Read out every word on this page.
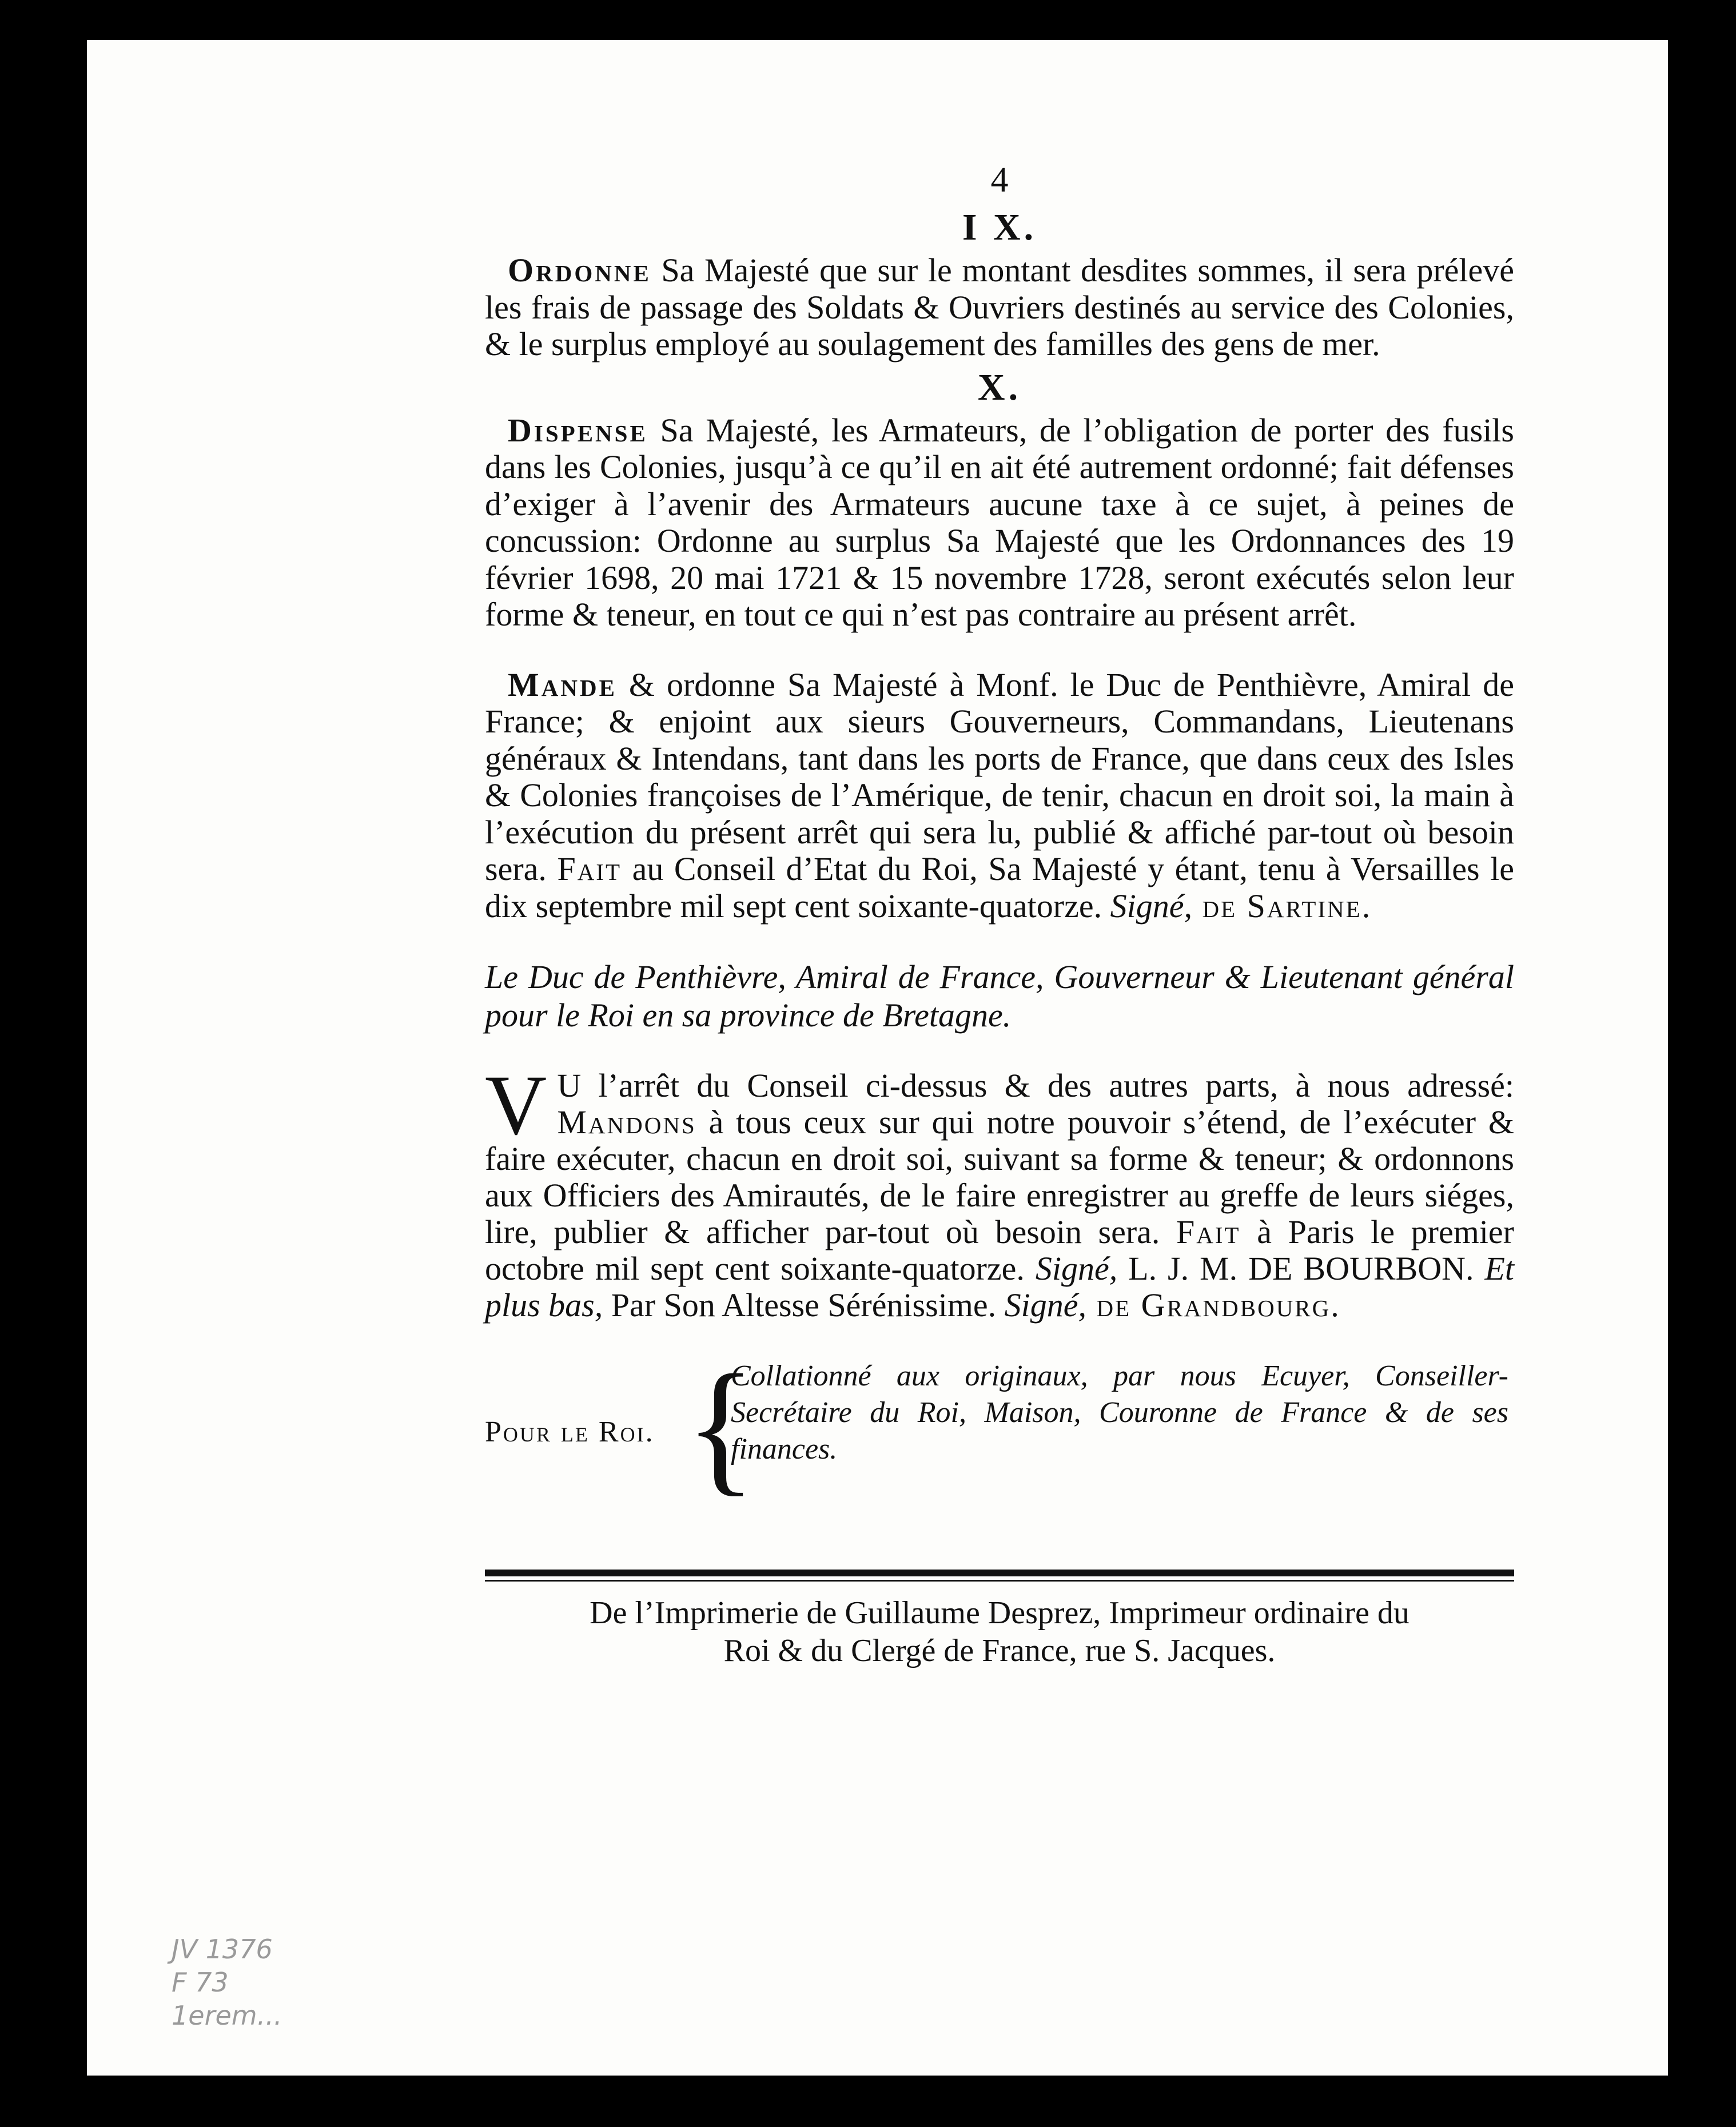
4

I X.

Ordonne Sa Majesté que sur le montant desdites sommes, il sera prélevé les frais de passage des Soldats & Ouvriers destinés au service des Colonies, & le surplus employé au soulagement des familles des gens de mer.

X.

Dispense Sa Majesté, les Armateurs, de l’obligation de porter des fusils dans les Colonies, jusqu’à ce qu’il en ait été autrement ordonné; fait défenses d’exiger à l’avenir des Armateurs aucune taxe à ce sujet, à peines de concussion: Ordonne au surplus Sa Majesté que les Ordonnances des 19 février 1698, 20 mai 1721 & 15 novembre 1728, seront exécutés selon leur forme & teneur, en tout ce qui n’est pas contraire au présent arrêt.

Mande & ordonne Sa Majesté à Monf. le Duc de Penthièvre, Amiral de France; & enjoint aux sieurs Gouverneurs, Commandans, Lieutenans généraux & Intendans, tant dans les ports de France, que dans ceux des Isles & Colonies françoises de l’Amérique, de tenir, chacun en droit soi, la main à l’exécution du présent arrêt qui sera lu, publié & affiché par-tout où besoin sera. Fait au Conseil d’Etat du Roi, Sa Majesté y étant, tenu à Versailles le dix septembre mil sept cent soixante-quatorze. Signé, de Sartine.

Le Duc de Penthièvre, Amiral de France, Gouverneur & Lieutenant général pour le Roi en sa province de Bretagne.

V U l’arrêt du Conseil ci-dessus & des autres parts, à nous adressé: Mandons à tous ceux sur qui notre pouvoir s’étend, de l’exécuter & faire exécuter, chacun en droit soi, suivant sa forme & teneur; & ordonnons aux Officiers des Amirautés, de le faire enregistrer au greffe de leurs siéges, lire, publier & afficher par-tout où besoin sera. Fait à Paris le premier octobre mil sept cent soixante-quatorze. Signé, L. J. M. DE BOURBON. Et plus bas, Par Son Altesse Sérénissime. Signé, de Grandbourg.

Pour le Roi. {
Collationné aux originaux, par nous Ecuyer, Conseiller-Secrétaire du Roi, Maison, Couronne de France & de ses finances.
De l’Imprimerie de Guillaume Desprez, Imprimeur ordinaire du
Roi & du Clergé de France, rue S. Jacques.
JV 1376
F 73
1erem...
